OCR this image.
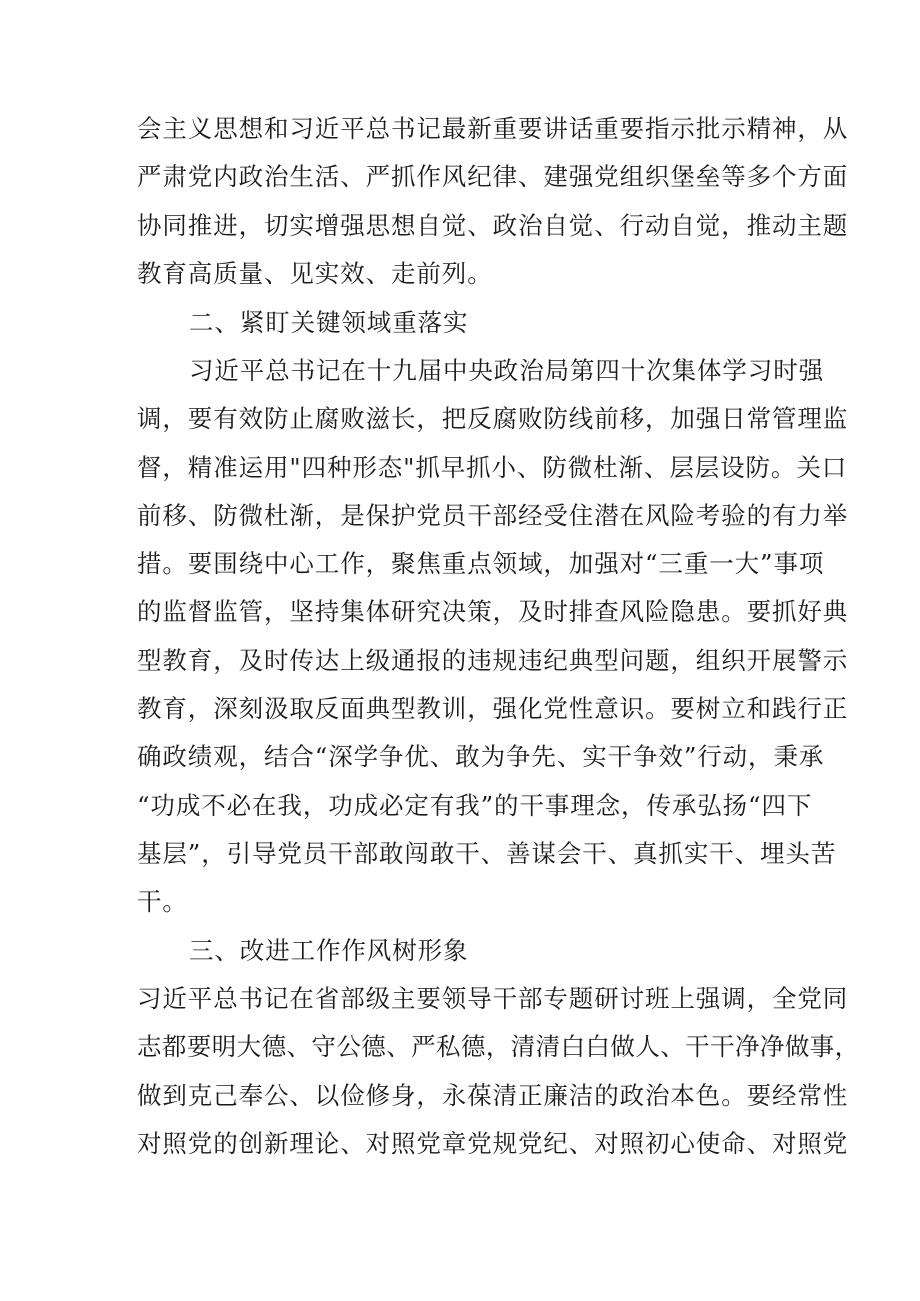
会主义思想和习近平总书记最新重要讲话重要指示批示精神，从
严肃党内政治生活、严抓作风纪律、建强党组织堡垒等多个方面
协同推进，切实增强思想自觉、政治自觉、行动自觉，推动主题
教育高质量、见实效、走前列。
二、紧盯关键领域重落实
习近平总书记在十九届中央政治局第四十次集体学习时强
调，要有效防止腐败滋长，把反腐败防线前移，加强日常管理监
督，精准运用"四种形态"抓早抓小、防微杜渐、层层设防。关口
前移、防微杜渐，是保护党员干部经受住潜在风险考验的有力举
措。要围绕中心工作，聚焦重点领域，加强对“三重一大”事项
的监督监管，坚持集体研究决策，及时排查风险隐患。要抓好典
型教育，及时传达上级通报的违规违纪典型问题，组织开展警示
教育，深刻汲取反面典型教训，强化党性意识。要树立和践行正
确政绩观，结合“深学争优、敢为争先、实干争效”行动，秉承
“功成不必在我，功成必定有我”的干事理念，传承弘扬“四下
基层”，引导党员干部敢闯敢干、善谋会干、真抓实干、埋头苦
干。
三、改进工作作风树形象
习近平总书记在省部级主要领导干部专题研讨班上强调，全党同
志都要明大德、守公德、严私德，清清白白做人、干干净净做事，
做到克己奉公、以俭修身，永葆清正廉洁的政治本色。要经常性
对照党的创新理论、对照党章党规党纪、对照初心使命、对照党
